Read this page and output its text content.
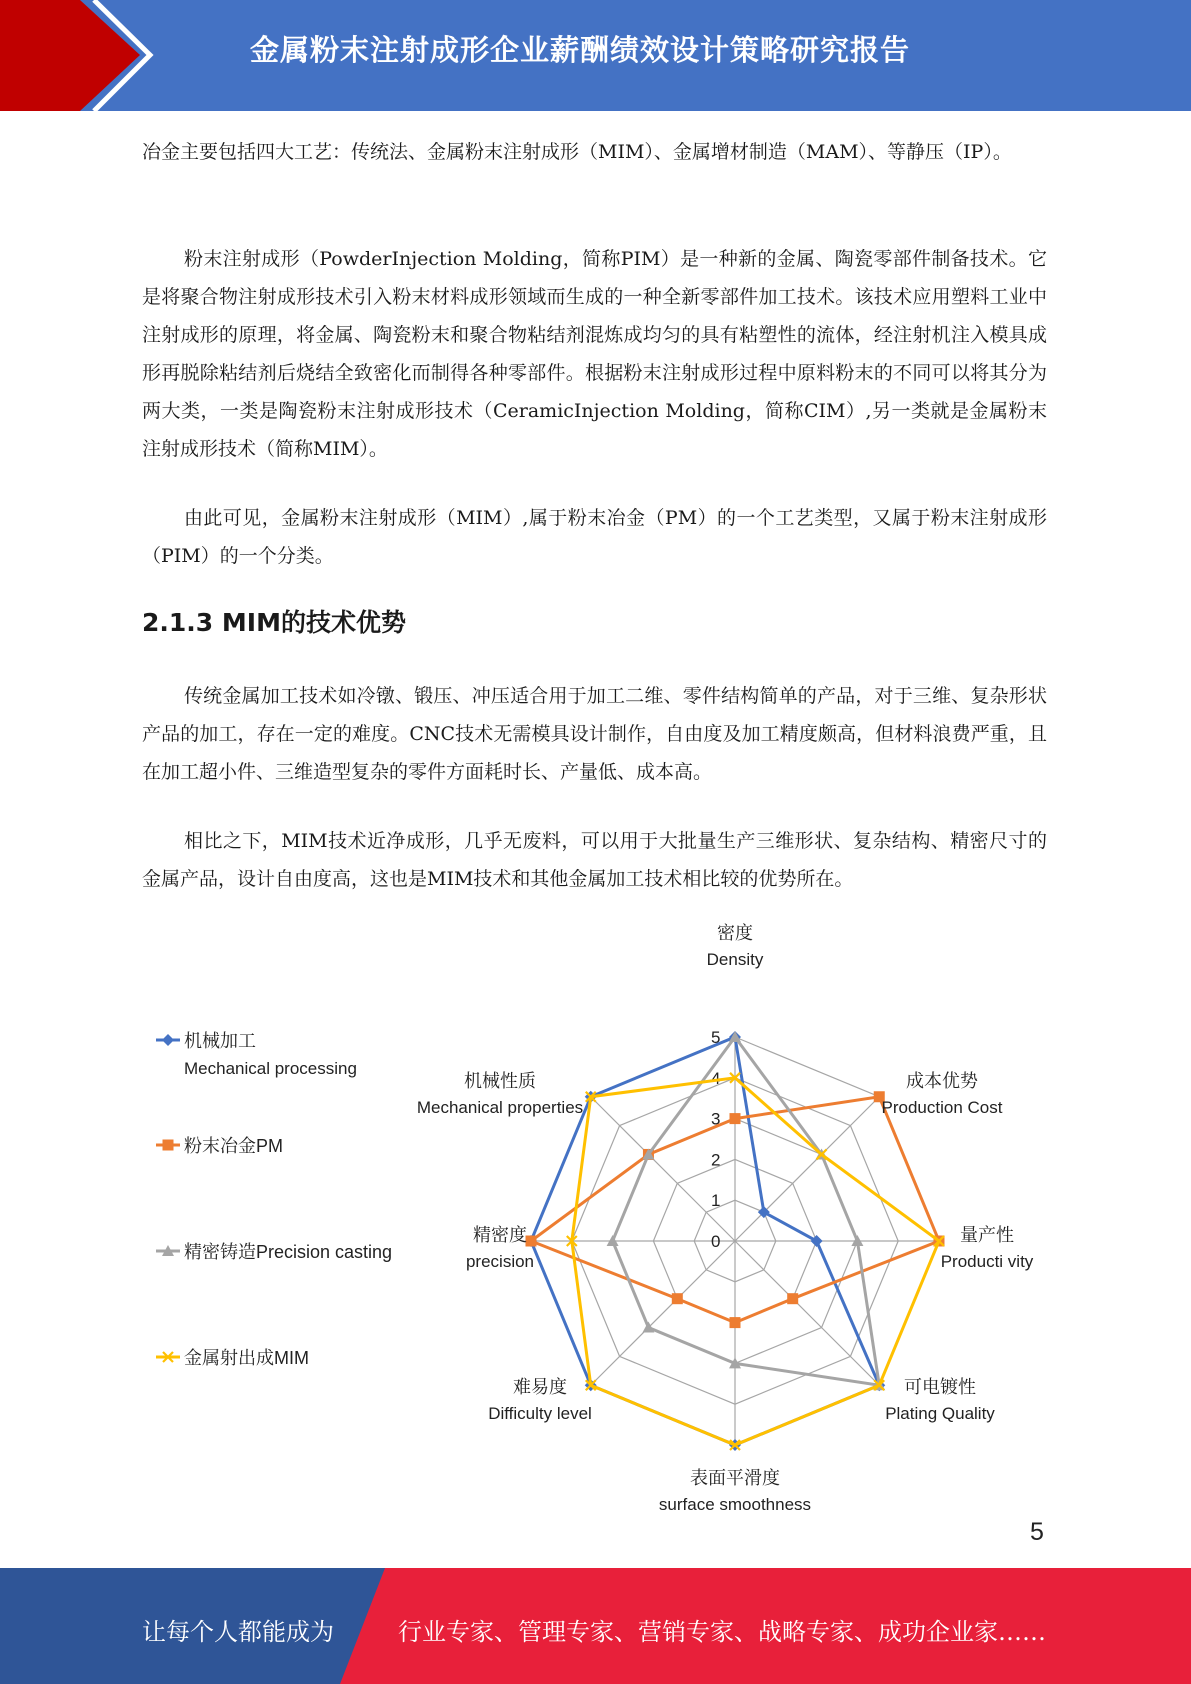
金属粉末注射成形企业薪酬绩效设计策略研究报告

冶金主要包括四大工艺：传统法、金属粉末注射成形（MIM）、金属增材制造（MAM）、等静压（IP）。

粉末注射成形（PowderInjection Molding，简称PIM）是一种新的金属、陶瓷零部件制备技术。它是将聚合物注射成形技术引入粉末材料成形领域而生成的一种全新零部件加工技术。该技术应用塑料工业中注射成形的原理，将金属、陶瓷粉末和聚合物粘结剂混炼成均匀的具有粘塑性的流体，经注射机注入模具成形再脱除粘结剂后烧结全致密化而制得各种零部件。根据粉末注射成形过程中原料粉末的不同可以将其分为两大类，一类是陶瓷粉末注射成形技术（CeramicInjection Molding，简称CIM）,另一类就是金属粉末注射成形技术（简称MIM）。

由此可见，金属粉末注射成形（MIM）,属于粉末冶金（PM）的一个工艺类型，又属于粉末注射成形（PIM）的一个分类。

2.1.3 MIM的技术优势

传统金属加工技术如冷镦、锻压、冲压适合用于加工二维、零件结构简单的产品，对于三维、复杂形状产品的加工，存在一定的难度。CNC技术无需模具设计制作，自由度及加工精度颇高，但材料浪费严重，且在加工超小件、三维造型复杂的零件方面耗时长、产量低、成本高。

相比之下，MIM技术近净成形，几乎无废料，可以用于大批量生产三维形状、复杂结构、精密尺寸的金属产品，设计自由度高，这也是MIM技术和其他金属加工技术相比较的优势所在。

0
1
2
3
4
5
密度
Density
成本优势
Production Cost
量产性
Producti vity
可电镀性
Plating Quality
表面平滑度
surface smoothness
难易度
Difficulty level
精密度
precision
机械性质
Mechanical properties
机械加工
Mechanical processing
粉末冶金PM
精密铸造Precision casting
金属射出成MIM
5
让每个人都能成为	行业专家、管理专家、营销专家、战略专家、成功企业家……
